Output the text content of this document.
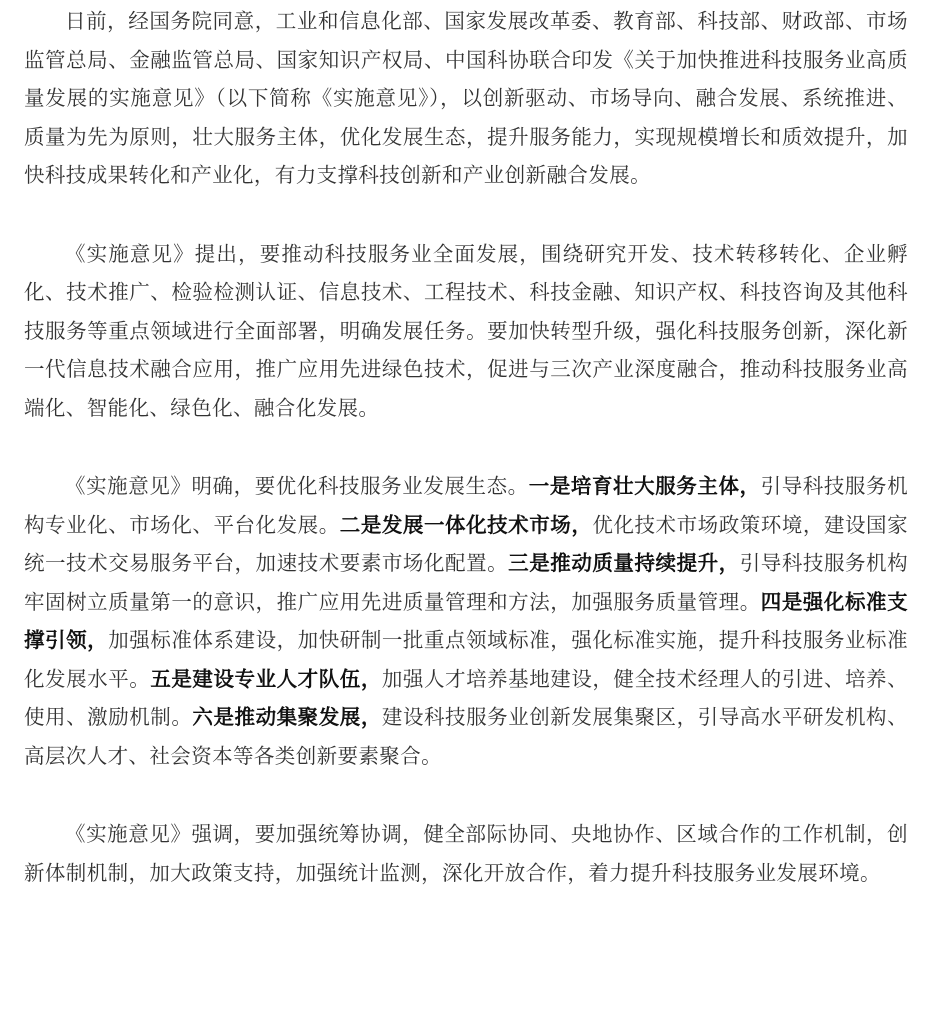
日前，经国务院同意，工业和信息化部、国家发展改革委、教育部、科技部、财政部、市场监管总局、金融监管总局、国家知识产权局、中国科协联合印发《关于加快推进科技服务业高质量发展的实施意见》（以下简称《实施意见》），以创新驱动、市场导向、融合发展、系统推进、质量为先为原则，壮大服务主体，优化发展生态，提升服务能力，实现规模增长和质效提升，加快科技成果转化和产业化，有力支撑科技创新和产业创新融合发展。

《实施意见》提出，要推动科技服务业全面发展，围绕研究开发、技术转移转化、企业孵化、技术推广、检验检测认证、信息技术、工程技术、科技金融、知识产权、科技咨询及其他科技服务等重点领域进行全面部署，明确发展任务。要加快转型升级，强化科技服务创新，深化新一代信息技术融合应用，推广应用先进绿色技术，促进与三次产业深度融合，推动科技服务业高端化、智能化、绿色化、融合化发展。

《实施意见》明确，要优化科技服务业发展生态。一是培育壮大服务主体，引导科技服务机构专业化、市场化、平台化发展。二是发展一体化技术市场，优化技术市场政策环境，建设国家统一技术交易服务平台，加速技术要素市场化配置。三是推动质量持续提升，引导科技服务机构牢固树立质量第一的意识，推广应用先进质量管理和方法，加强服务质量管理。四是强化标准支撑引领，加强标准体系建设，加快研制一批重点领域标准，强化标准实施，提升科技服务业标准化发展水平。五是建设专业人才队伍，加强人才培养基地建设，健全技术经理人的引进、培养、使用、激励机制。六是推动集聚发展，建设科技服务业创新发展集聚区，引导高水平研发机构、高层次人才、社会资本等各类创新要素聚合。

《实施意见》强调，要加强统筹协调，健全部际协同、央地协作、区域合作的工作机制，创新体制机制，加大政策支持，加强统计监测，深化开放合作，着力提升科技服务业发展环境。
